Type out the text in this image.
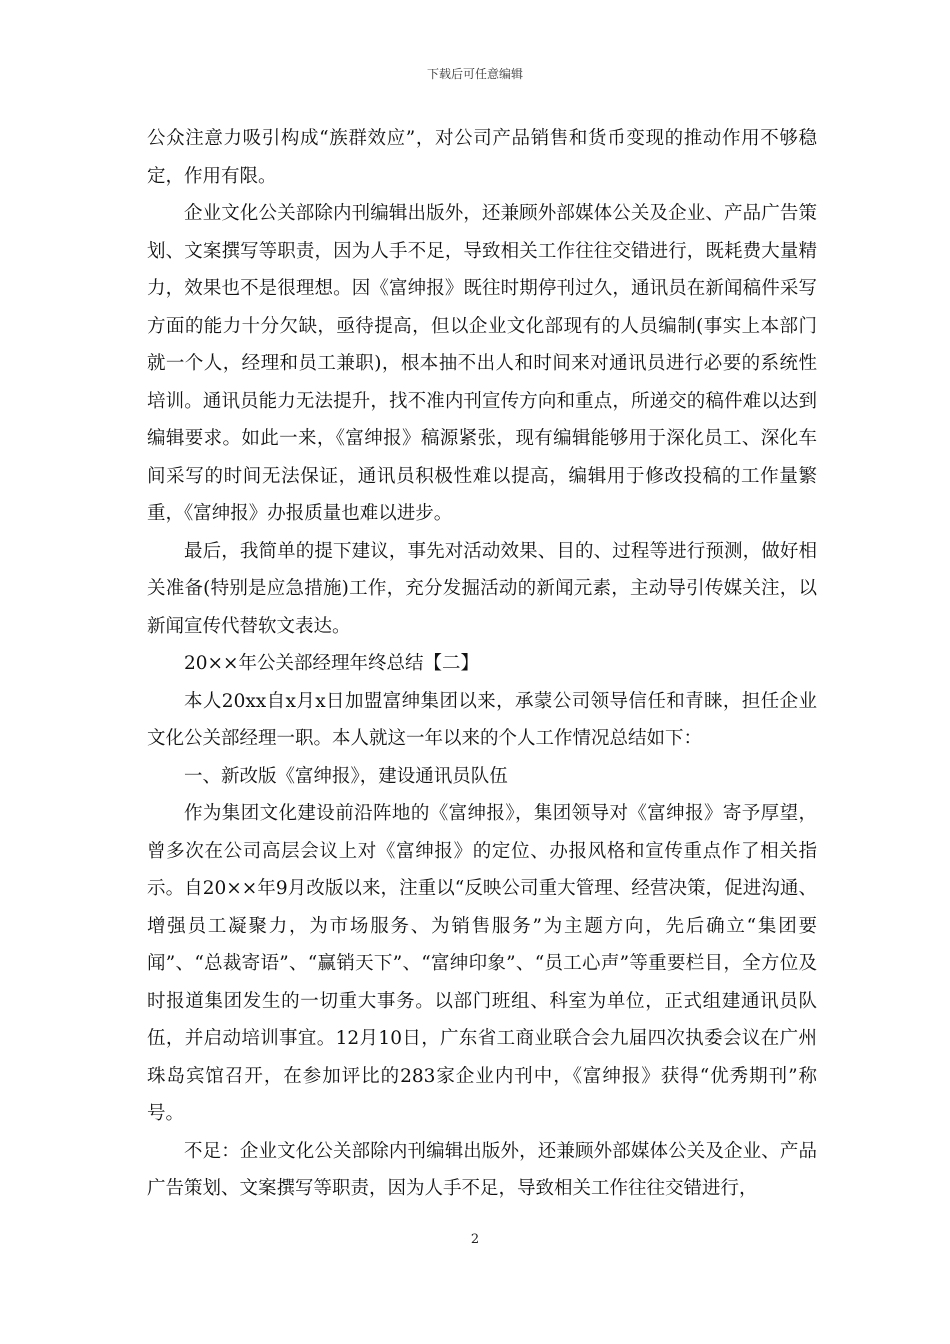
下载后可任意编辑

公众注意力吸引构成“族群效应”，对公司产品销售和货币变现的推动作用不够稳定，作用有限。

企业文化公关部除内刊编辑出版外，还兼顾外部媒体公关及企业、产品广告策划、文案撰写等职责，因为人手不足，导致相关工作往往交错进行，既耗费大量精力，效果也不是很理想。因《富绅报》既往时期停刊过久，通讯员在新闻稿件采写方面的能力十分欠缺，亟待提高，但以企业文化部现有的人员编制(事实上本部门就一个人，经理和员工兼职)，根本抽不出人和时间来对通讯员进行必要的系统性培训。通讯员能力无法提升，找不准内刊宣传方向和重点，所递交的稿件难以达到编辑要求。如此一来，《富绅报》稿源紧张，现有编辑能够用于深化员工、深化车间采写的时间无法保证，通讯员积极性难以提高，编辑用于修改投稿的工作量繁重，《富绅报》办报质量也难以进步。

最后，我简单的提下建议，事先对活动效果、目的、过程等进行预测，做好相关准备(特别是应急措施)工作，充分发掘活动的新闻元素，主动导引传媒关注，以新闻宣传代替软文表达。

20××年公关部经理年终总结【二】

本人20xx自x月x日加盟富绅集团以来，承蒙公司领导信任和青睐，担任企业文化公关部经理一职。本人就这一年以来的个人工作情况总结如下：

一、新改版《富绅报》，建设通讯员队伍

作为集团文化建设前沿阵地的《富绅报》，集团领导对《富绅报》寄予厚望，曾多次在公司高层会议上对《富绅报》的定位、办报风格和宣传重点作了相关指示。自20××年9月改版以来，注重以“反映公司重大管理、经营决策，促进沟通、增强员工凝聚力，为市场服务、为销售服务”为主题方向，先后确立“集团要闻”、“总裁寄语”、“赢销天下”、“富绅印象”、“员工心声”等重要栏目，全方位及时报道集团发生的一切重大事务。以部门班组、科室为单位，正式组建通讯员队伍，并启动培训事宜。12月10日，广东省工商业联合会九届四次执委会议在广州珠岛宾馆召开，在参加评比的283家企业内刊中，《富绅报》获得“优秀期刊”称号。

不足：企业文化公关部除内刊编辑出版外，还兼顾外部媒体公关及企业、产品广告策划、文案撰写等职责，因为人手不足，导致相关工作往往交错进行，

2
